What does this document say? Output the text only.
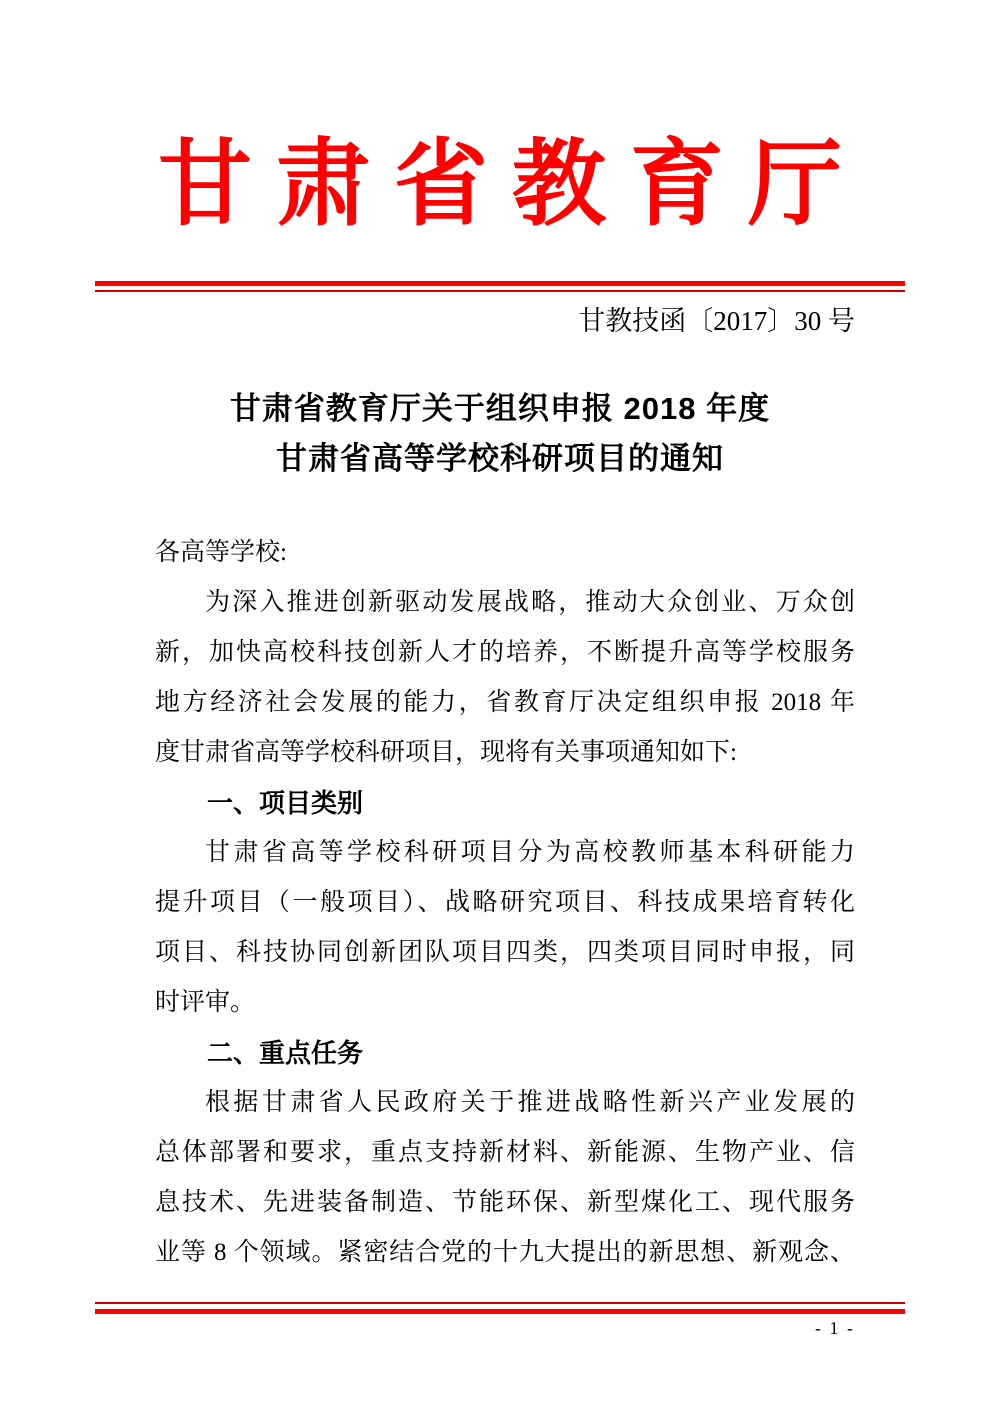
甘肃省教育厅
甘教技函〔2017〕30 号
甘肃省教育厅关于组织申报 2018 年度
甘肃省高等学校科研项目的通知
各高等学校:
为深入推进创新驱动发展战略，推动大众创业、万众创
新，加快高校科技创新人才的培养，不断提升高等学校服务
地方经济社会发展的能力，省教育厅决定组织申报 2018 年
度甘肃省高等学校科研项目，现将有关事项通知如下:
一、项目类别
甘肃省高等学校科研项目分为高校教师基本科研能力
提升项目（一般项目）、战略研究项目、科技成果培育转化
项目、科技协同创新团队项目四类，四类项目同时申报，同
时评审。
二、重点任务
根据甘肃省人民政府关于推进战略性新兴产业发展的
总体部署和要求，重点支持新材料、新能源、生物产业、信
息技术、先进装备制造、节能环保、新型煤化工、现代服务
业等 8 个领域。紧密结合党的十九大提出的新思想、新观念、
- 1 -
